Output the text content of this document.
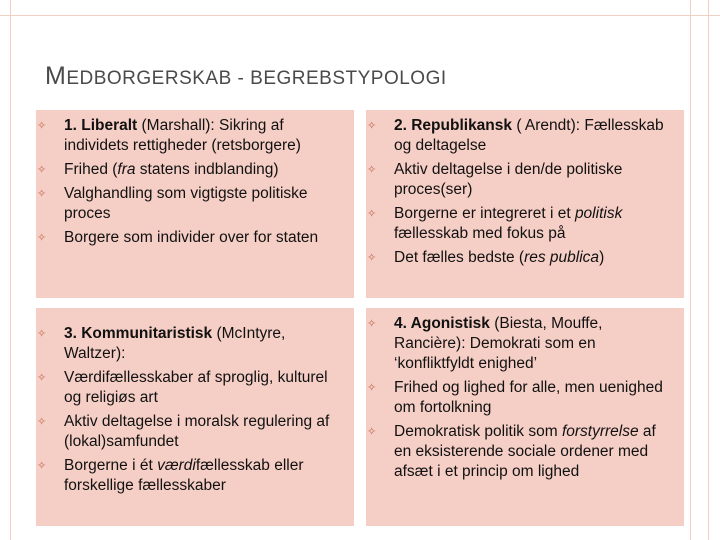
MEDBORGERSKAB - BEGREBSTYPOLOGI
✧ 1. Liberalt (Marshall): Sikring af individets rettigheder (retsborgere)
✧ Frihed (fra statens indblanding)
✧ Valghandling som vigtigste politiske proces
✧ Borgere som individer over for staten
✧ 2. Republikansk ( Arendt): Fællesskab og deltagelse
✧ Aktiv deltagelse i den/de politiske proces(ser)
✧ Borgerne er integreret i et politisk fællesskab med fokus på
✧ Det fælles bedste (res publica)
✧ 3. Kommunitaristisk (McIntyre, Waltzer):
✧ Værdifællesskaber af sproglig, kulturel og religiøs art
✧ Aktiv deltagelse i moralsk regulering af (lokal)samfundet
✧ Borgerne i ét værdifællesskab eller forskellige fællesskaber
✧ 4. Agonistisk (Biesta, Mouffe, Rancière): Demokrati som en ‘konfliktfyldt enighed’
✧ Frihed og lighed for alle, men uenighed om fortolkning
✧ Demokratisk politik som forstyrrelse af en eksisterende sociale ordener med afsæt i et princip om lighed
